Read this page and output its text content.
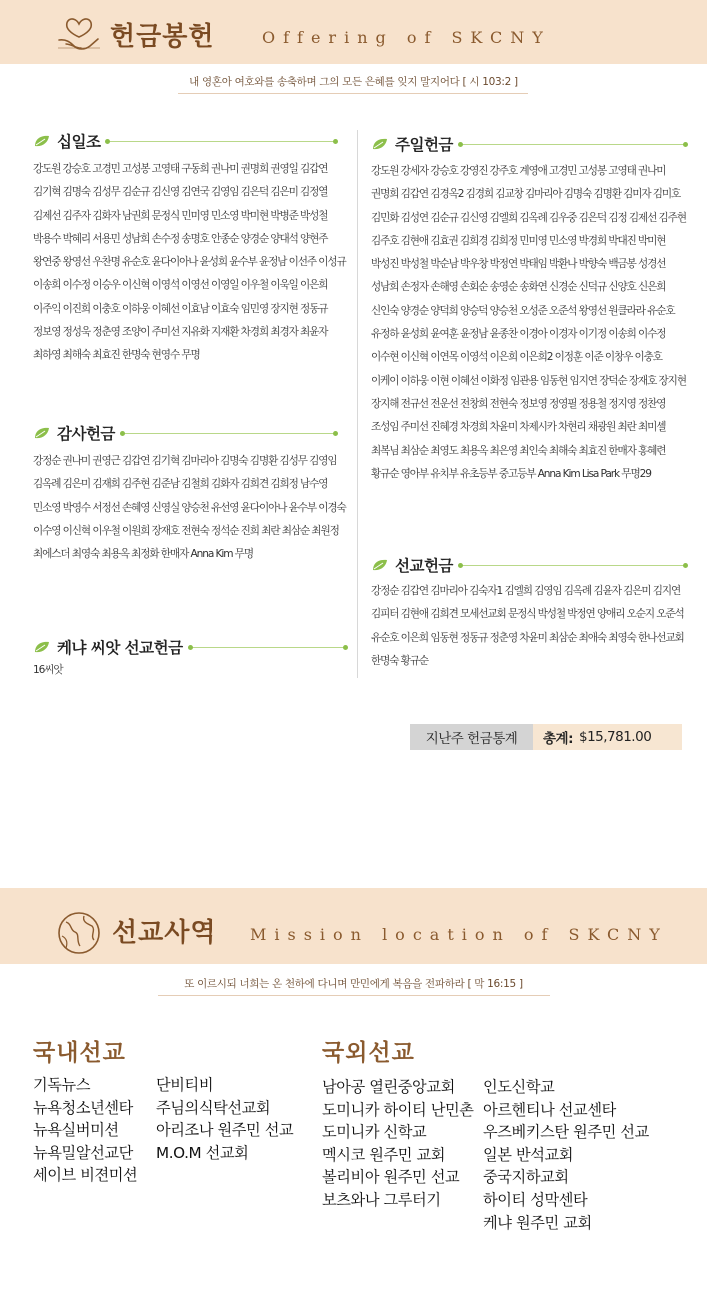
헌금봉헌	Offering of SKCNY
내 영혼아 여호와를 송축하며 그의 모든 은혜를 잊지 말지어다 [ 시 103:2 ]
십일조
강도원 강승호 고경민 고성봉 고영태 구동희 권나미 권명희 권영일 김갑연 김기혁 김명숙 김성무 김순규 김신영 김연국 김영임 김은덕 김은미 김정열 김제선 김주자 김화자 남권희 문정식 민미영 민소영 박미현 박병준 박성철 박용수 박혜리 서용민 성남희 손수정 송명호 안종순 양경순 양대석 양현주 왕연중 왕영선 우찬명 유순호 윤다이아나 윤성희 윤수부 윤정남 이선주 이성규 이송희 이수정 이승우 이신혁 이영석 이영선 이영일 이우철 이욱일 이은희 이주익 이진희 이충호 이하웅 이혜선 이효남 이효숙 임민영 장지현 정동규 정보영 정성욱 정춘영 조양이 주미선 지유화 지재환 차경희 최경자 최윤자 최하영 최해숙 최효진 한명숙 현영수 무명
감사헌금
강정순 권나미 권영근 김갑연 김기혁 김마리아 김명숙 김명환 김성무 김영임 김옥례 김은미 김재희 김주현 김준남 김철희 김화자 김희견 김희정 남수영 민소영 박영수 서정선 손혜영 신영실 양승천 유선영 윤다이아나 윤수부 이경숙 이수영 이신혁 이우철 이원희 장재호 전현숙 정석순 진희 최란 최삼순 최원정 최에스더 최영숙 최용옥 최정화 한매자 Anna Kim 무명
케냐 씨앗 선교헌금
16씨앗
주일헌금
강도원 강세자 강승호 강영진 강주호 계영애 고경민 고성봉 고영태 권나미 권명희 김갑연 김경옥2 김경희 김교창 김마리아 김명숙 김명환 김미자 김미호 김민화 김성연 김순규 김신영 김엘희 김옥례 김우중 김은덕 김정 김제선 김주현 김주호 김현애 김효권 김희경 김희정 민미영 민소영 박경희 박대진 박미현 박성진 박성철 박순남 박우창 박정연 박태임 박환나 박향숙 백금봉 성경선 성남희 손정자 손해영 손회순 송영순 송화연 신경순 신덕규 신양호 신은희 신인숙 양경순 양덕희 양승덕 양승천 오성준 오준석 왕영선 원클라라 유순호 유정하 윤성희 윤여훈 윤정남 윤종찬 이경아 이경자 이기정 이송희 이수정 이수현 이신혁 이연목 이영석 이은희 이은희2 이정훈 이준 이창우 이충호 이케이 이하웅 이현 이혜선 이화정 임관용 임동현 임지연 장덕순 장재호 장지현 장지해 전규선 전운선 전창희 전현숙 정보영 정영필 정용철 정지영 정찬영 조성임 주미선 진혜경 차경희 차윤미 차제시카 차현리 채광원 최란 최미셸 최복님 최삼순 최영도 최용옥 최은영 최인숙 최해숙 최효진 한매자 홍혜련 황규순 영아부 유치부 유초등부 중고등부 Anna Kim Lisa Park 무명29
선교헌금
강정순 김갑연 김마리아 김숙자1 김엘희 김영임 김옥례 김윤자 김은미 김지연 김피터 김현애 김희견 모세선교회 문정식 박성철 박정연 양애리 오순지 오준석 유순호 이은희 임동현 정동규 정춘영 차윤미 최삼순 최애숙 최영숙 한나선교회 한명숙 황규순
지난주 헌금통계	총계: $15,781.00
선교사역 Mission location of SKCNY
또 이르시되 너희는 온 천하에 다니며 만민에게 복음을 전파하라 [ 막 16:15 ]
국내선교
기독뉴스
뉴욕청소년센타
뉴욕실버미션
뉴욕밀알선교단
세이브 비젼미션
단비티비
주님의식탁선교회
아리조나 원주민 선교
M.O.M 선교회
국외선교
남아공 열린중앙교회
도미니카 하이티 난민촌
도미니카 신학교
멕시코 원주민 교회
볼리비아 원주민 선교
보츠와나 그루터기
인도신학교
아르헨티나 선교센타
우즈베키스탄 원주민 선교
일본 반석교회
중국지하교회
하이티 성막센타
케냐 원주민 교회
